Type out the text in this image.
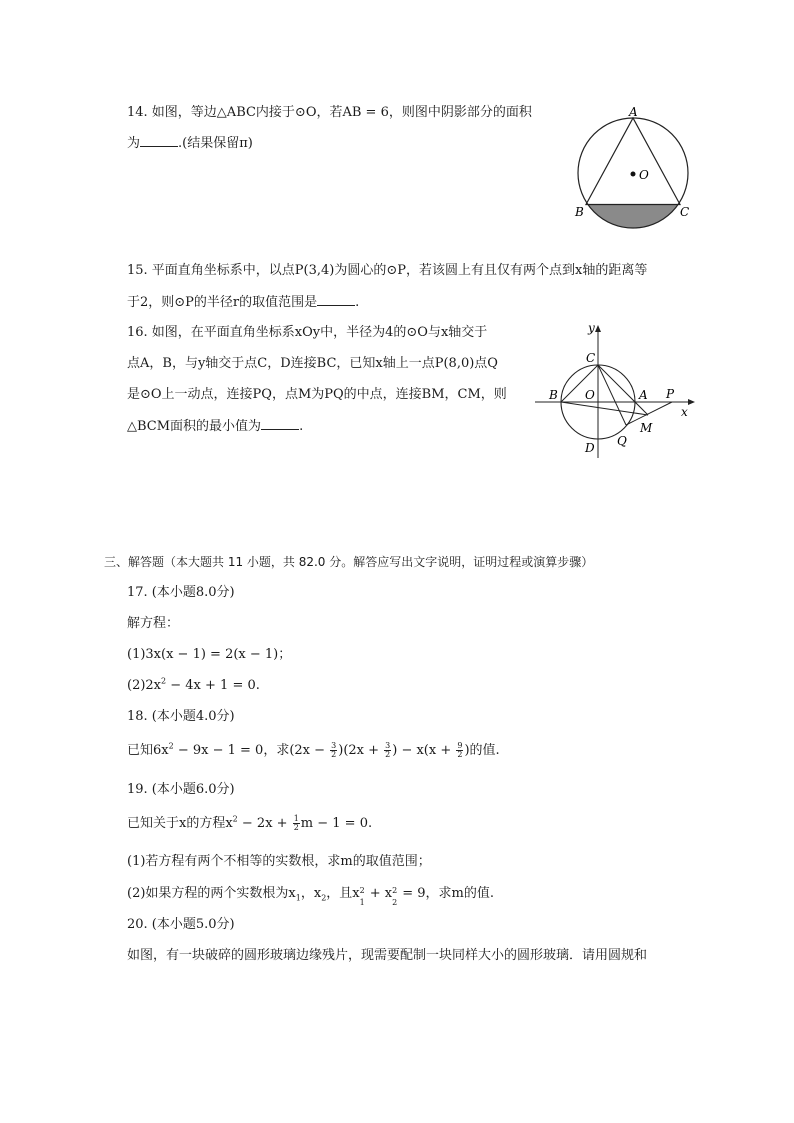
14. 如图，等边△ABC内接于⊙O，若AB = 6，则图中阴影部分的面积
为	.(结果保留π)
A
O
B	C
15. 平面直角坐标系中，以点P(3,4)为圆心的⊙P，若该圆上有且仅有两个点到x轴的距离等
于2，则⊙P的半径r的取值范围是	.
16. 如图，在平面直角坐标系xOy中，半径为4的⊙O与x轴交于
点A，B，与y轴交于点C，D连接BC，已知x轴上一点P(8,0)点Q
是⊙O上一动点，连接PQ，点M为PQ的中点，连接BM，CM，则
△BCM面积的最小值为	.
y
x
C
O	A P
B
M
D Q
三、解答题（本大题共 11 小题，共 82.0 分。解答应写出文字说明，证明过程或演算步骤）
17. (本小题8.0分)
解方程：
(1)3x(x − 1) = 2(x − 1)；
$(2)2x^2 - 4x + 1 = 0$.
18. (本小题4.0分)
已知$6x^2 - 9x - 1 = 0$，求$(2x - \frac{3}{2} )(2x + \frac{3}{2}$ ) − $x(x + \frac{9}{2}$ )的值.
19. (本小题6.0分)
已知关于x的方程$x^2 - 2x + \frac{1}{2}$ m − 1 = 0.
(1)若方程有两个不相等的实数根，求m的取值范围；
(2)如果方程的两个实数根为$x_1$，$x_2$，且x 2
1
+ x 2
2
= 9，求m的值.
20. (本小题5.0分)
如图，有一块破碎的圆形玻璃边缘残片，现需要配制一块同样大小的圆形玻璃．请用圆规和
